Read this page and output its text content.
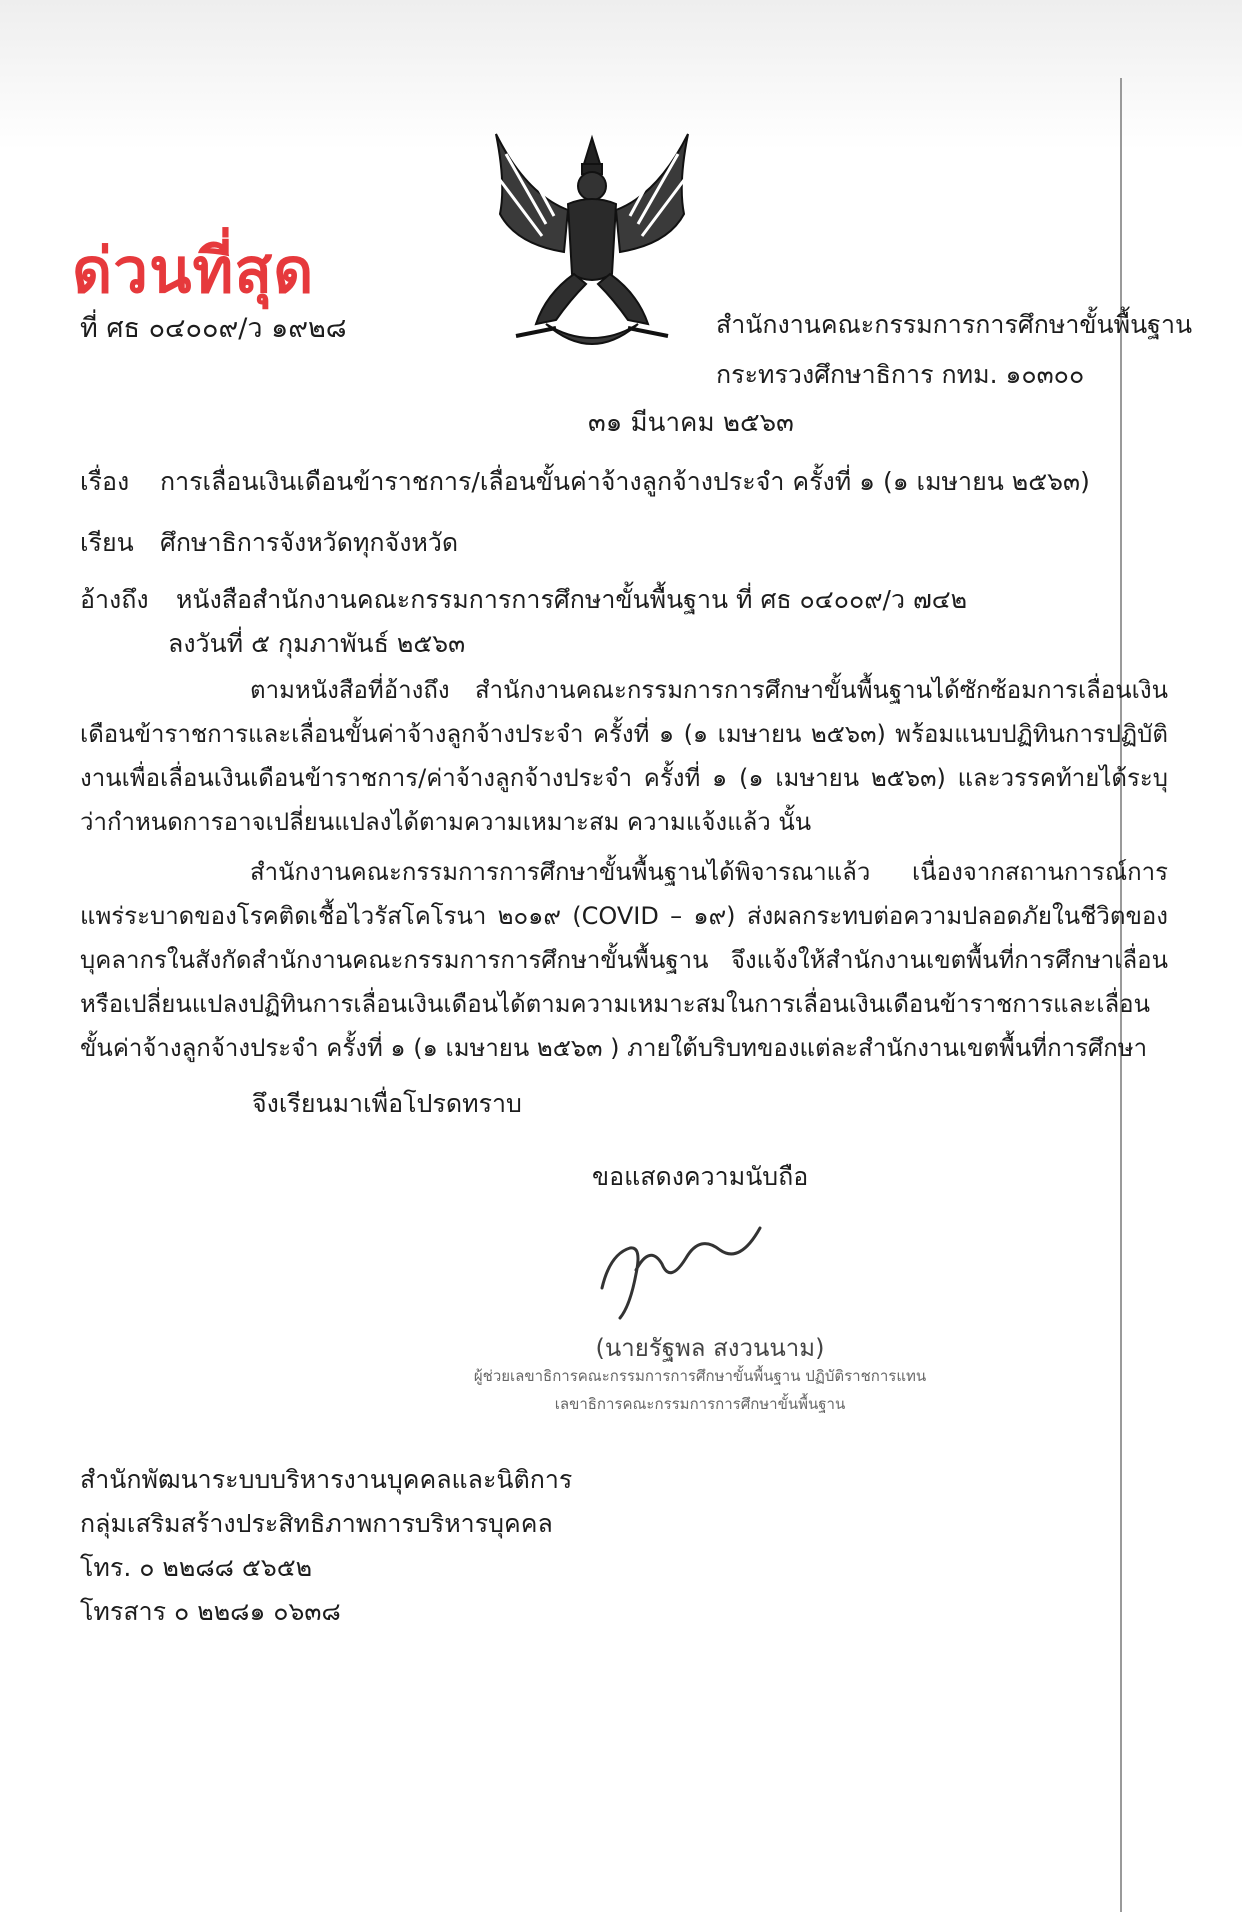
ด่วนที่สุด
ที่ ศธ ๐๔๐๐๙/ว ๑๙๒๘	สำนักงานคณะกรรมการการศึกษาขั้นพื้นฐาน
กระทรวงศึกษาธิการ กทม. ๑๐๓๐๐
๓๑ มีนาคม ๒๕๖๓
เรื่อง การเลื่อนเงินเดือนข้าราชการ/เลื่อนขั้นค่าจ้างลูกจ้างประจำ ครั้งที่ ๑ (๑ เมษายน ๒๕๖๓)
เรียน ศึกษาธิการจังหวัดทุกจังหวัด
อ้างถึง หนังสือสำนักงานคณะกรรมการการศึกษาขั้นพื้นฐาน ที่ ศธ ๐๔๐๐๙/ว ๗๔๒
ลงวันที่ ๕ กุมภาพันธ์ ๒๕๖๓
ตามหนังสือที่อ้างถึง สำนักงานคณะกรรมการการศึกษาขั้นพื้นฐานได้ซักซ้อมการเลื่อนเงินเดือนข้าราชการและเลื่อนขั้นค่าจ้างลูกจ้างประจำ ครั้งที่ ๑ (๑ เมษายน ๒๕๖๓) พร้อมแนบปฏิทินการปฏิบัติงานเพื่อเลื่อนเงินเดือนข้าราชการ/ค่าจ้างลูกจ้างประจำ ครั้งที่ ๑ (๑ เมษายน ๒๕๖๓) และวรรคท้ายได้ระบุว่ากำหนดการอาจเปลี่ยนแปลงได้ตามความเหมาะสม ความแจ้งแล้ว นั้น
สำนักงานคณะกรรมการการศึกษาขั้นพื้นฐานได้พิจารณาแล้ว เนื่องจากสถานการณ์การแพร่ระบาดของโรคติดเชื้อไวรัสโคโรนา ๒๐๑๙ (COVID – ๑๙) ส่งผลกระทบต่อความปลอดภัยในชีวิตของบุคลากรในสังกัดสำนักงานคณะกรรมการการศึกษาขั้นพื้นฐาน จึงแจ้งให้สำนักงานเขตพื้นที่การศึกษาเลื่อนหรือเปลี่ยนแปลงปฏิทินการเลื่อนเงินเดือนได้ตามความเหมาะสมในการเลื่อนเงินเดือนข้าราชการและเลื่อนขั้นค่าจ้างลูกจ้างประจำ ครั้งที่ ๑ (๑ เมษายน ๒๕๖๓ ) ภายใต้บริบทของแต่ละสำนักงานเขตพื้นที่การศึกษา
จึงเรียนมาเพื่อโปรดทราบ
ขอแสดงความนับถือ
(นายรัฐพล สงวนนาม)
ผู้ช่วยเลขาธิการคณะกรรมการการศึกษาขั้นพื้นฐาน ปฏิบัติราชการแทน
เลขาธิการคณะกรรมการการศึกษาขั้นพื้นฐาน
สำนักพัฒนาระบบบริหารงานบุคคลและนิติการ
กลุ่มเสริมสร้างประสิทธิภาพการบริหารบุคคล
โทร. ๐ ๒๒๘๘ ๕๖๕๒
โทรสาร ๐ ๒๒๘๑ ๐๖๓๘
